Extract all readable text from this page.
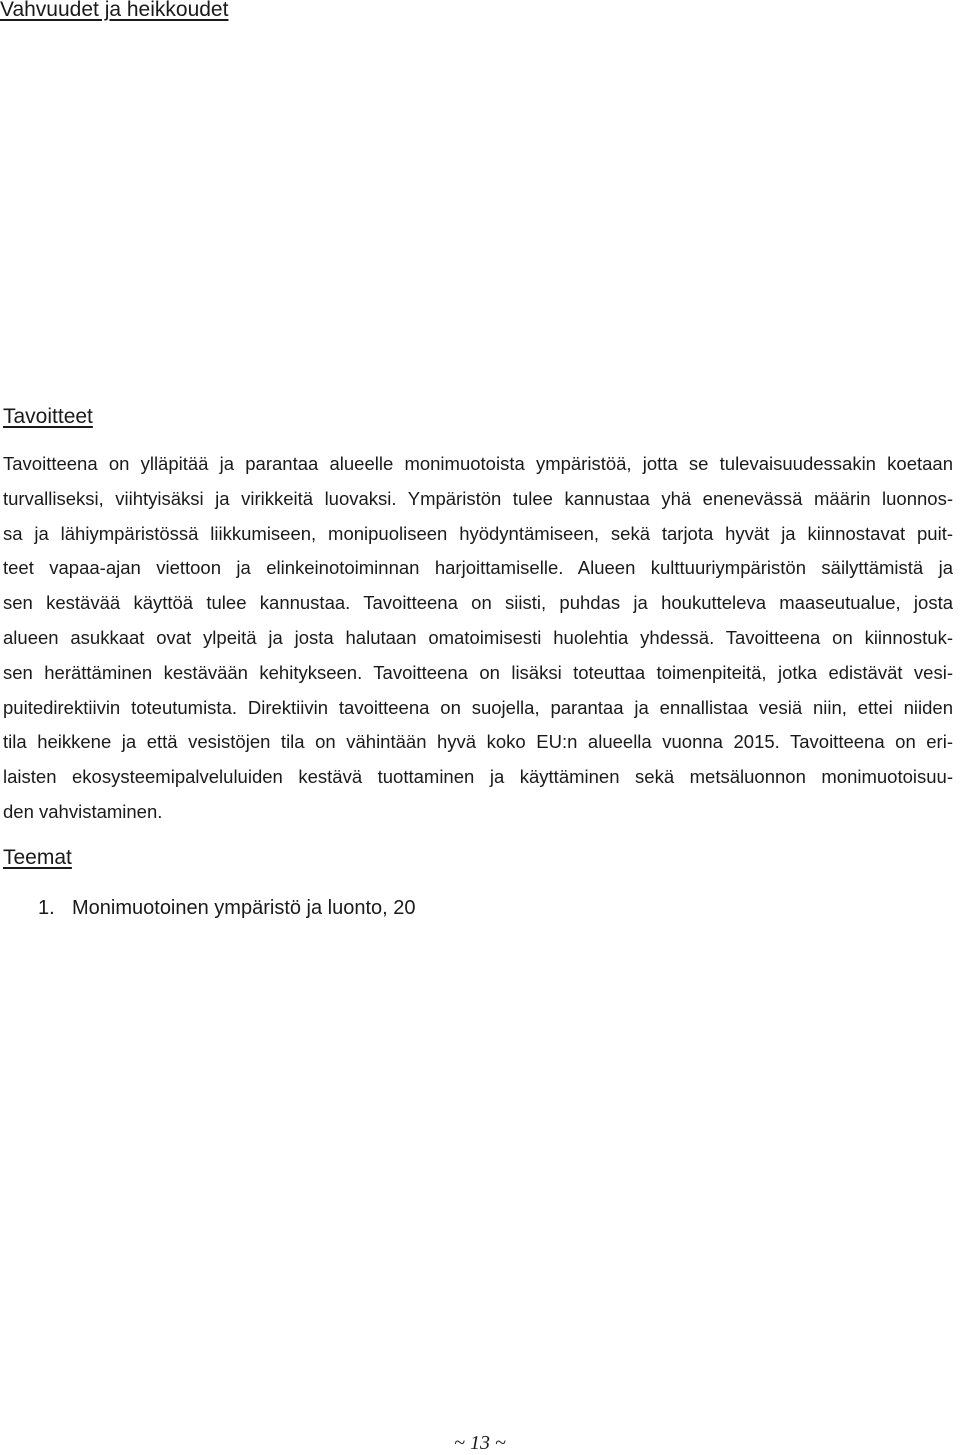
Vahvuudet ja heikkoudet
Tavoitteet

Tavoitteena on ylläpitää ja parantaa alueelle monimuotoista ympäristöä, jotta se tulevaisuudessakin koetaan
turvalliseksi, viihtyisäksi ja virikkeitä luovaksi. Ympäristön tulee kannustaa yhä enenevässä määrin luonnos-
sa ja lähiympäristössä liikkumiseen, monipuoliseen hyödyntämiseen, sekä tarjota hyvät ja kiinnostavat puit-
teet vapaa-ajan viettoon ja elinkeinotoiminnan harjoittamiselle. Alueen kulttuuriympäristön säilyttämistä ja
sen kestävää käyttöä tulee kannustaa. Tavoitteena on siisti, puhdas ja houkutteleva maaseutualue, josta
alueen asukkaat ovat ylpeitä ja josta halutaan omatoimisesti huolehtia yhdessä. Tavoitteena on kiinnostuk-
sen herättäminen kestävään kehitykseen. Tavoitteena on lisäksi toteuttaa toimenpiteitä, jotka edistävät vesi-
puitedirektiivin toteutumista. Direktiivin tavoitteena on suojella, parantaa ja ennallistaa vesiä niin, ettei niiden
tila heikkene ja että vesistöjen tila on vähintään hyvä koko EU:n alueella vuonna 2015. Tavoitteena on eri-
laisten ekosysteemipalveluluiden kestävä tuottaminen ja käyttäminen sekä metsäluonnon monimuotoisuu-
den vahvistaminen.

Teemat
1. Monimuotoinen ympäristö ja luonto, 20
~ 13 ~
